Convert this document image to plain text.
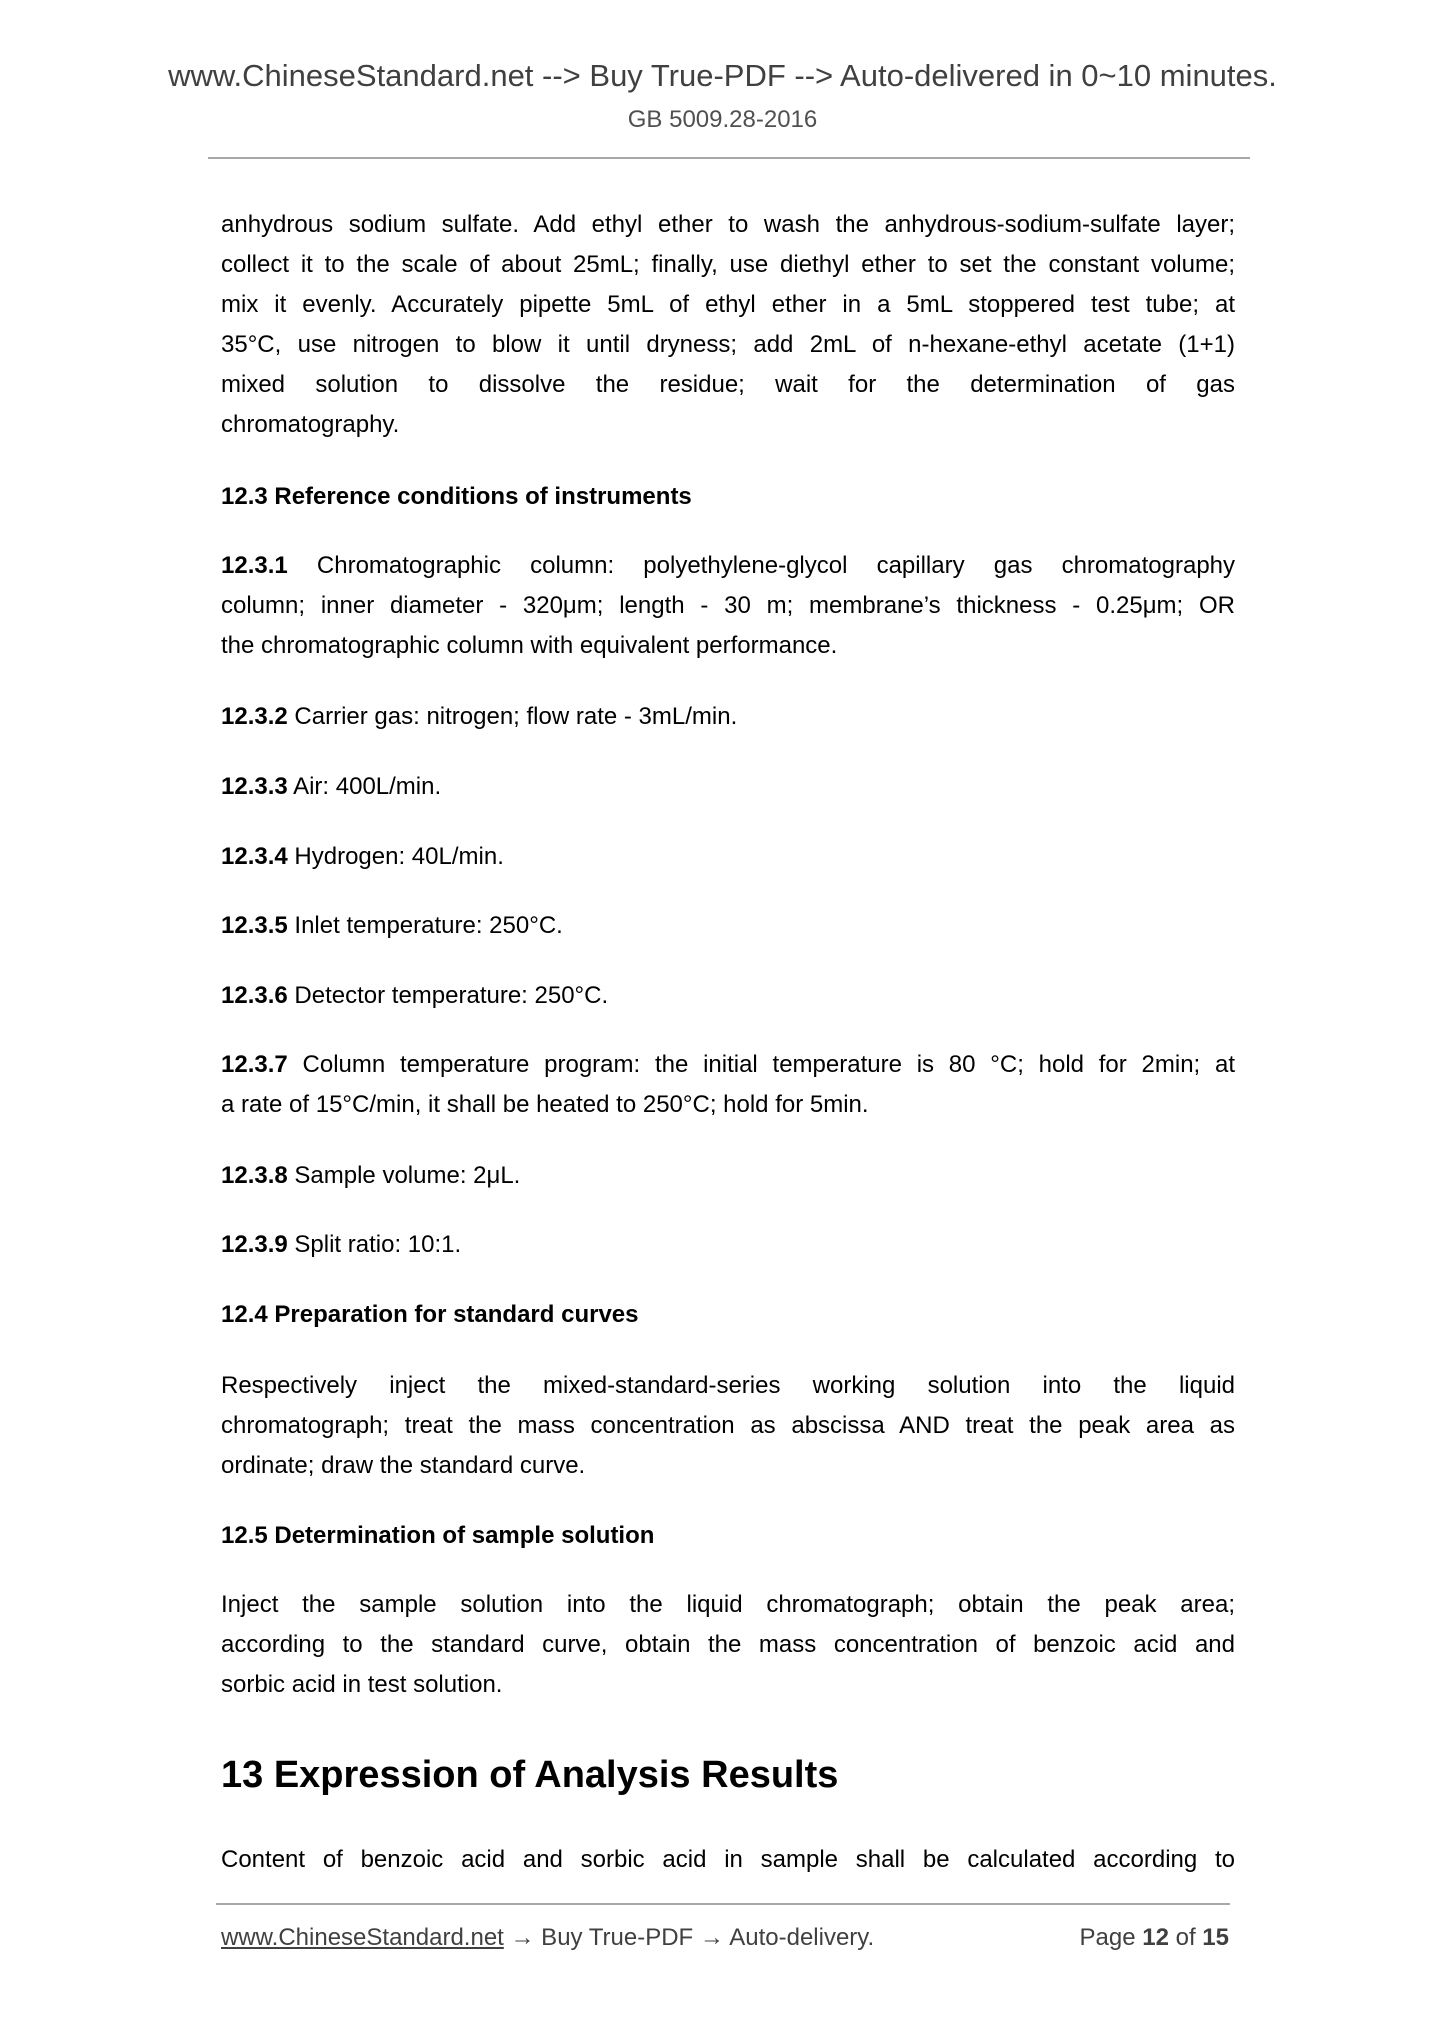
www.ChineseStandard.net --> Buy True-PDF --> Auto-delivered in 0~10 minutes.
GB 5009.28-2016
anhydrous sodium sulfate. Add ethyl ether to wash the anhydrous-sodium-sulfate layer;
collect it to the scale of about 25mL; finally, use diethyl ether to set the constant volume;
mix it evenly. Accurately pipette 5mL of ethyl ether in a 5mL stoppered test tube; at
35°C, use nitrogen to blow it until dryness; add 2mL of n-hexane-ethyl acetate (1+1)
mixed solution to dissolve the residue; wait for the determination of gas
chromatography.
12.3 Reference conditions of instruments
12.3.1 Chromatographic column: polyethylene-glycol capillary gas chromatography
column; inner diameter - 320μm; length - 30 m; membrane’s thickness - 0.25μm; OR
the chromatographic column with equivalent performance.
12.3.2 Carrier gas: nitrogen; flow rate - 3mL/min.
12.3.3 Air: 400L/min.
12.3.4 Hydrogen: 40L/min.
12.3.5 Inlet temperature: 250°C.
12.3.6 Detector temperature: 250°C.
12.3.7 Column temperature program: the initial temperature is 80 °C; hold for 2min; at
a rate of 15°C/min, it shall be heated to 250°C; hold for 5min.
12.3.8 Sample volume: 2μL.
12.3.9 Split ratio: 10:1.
12.4 Preparation for standard curves
Respectively inject the mixed-standard-series working solution into the liquid
chromatograph; treat the mass concentration as abscissa AND treat the peak area as
ordinate; draw the standard curve.
12.5 Determination of sample solution
Inject the sample solution into the liquid chromatograph; obtain the peak area;
according to the standard curve, obtain the mass concentration of benzoic acid and
sorbic acid in test solution.
13 Expression of Analysis Results
Content of benzoic acid and sorbic acid in sample shall be calculated according to
www.ChineseStandard.net → Buy True-PDF → Auto-delivery.	Page 12 of 15
